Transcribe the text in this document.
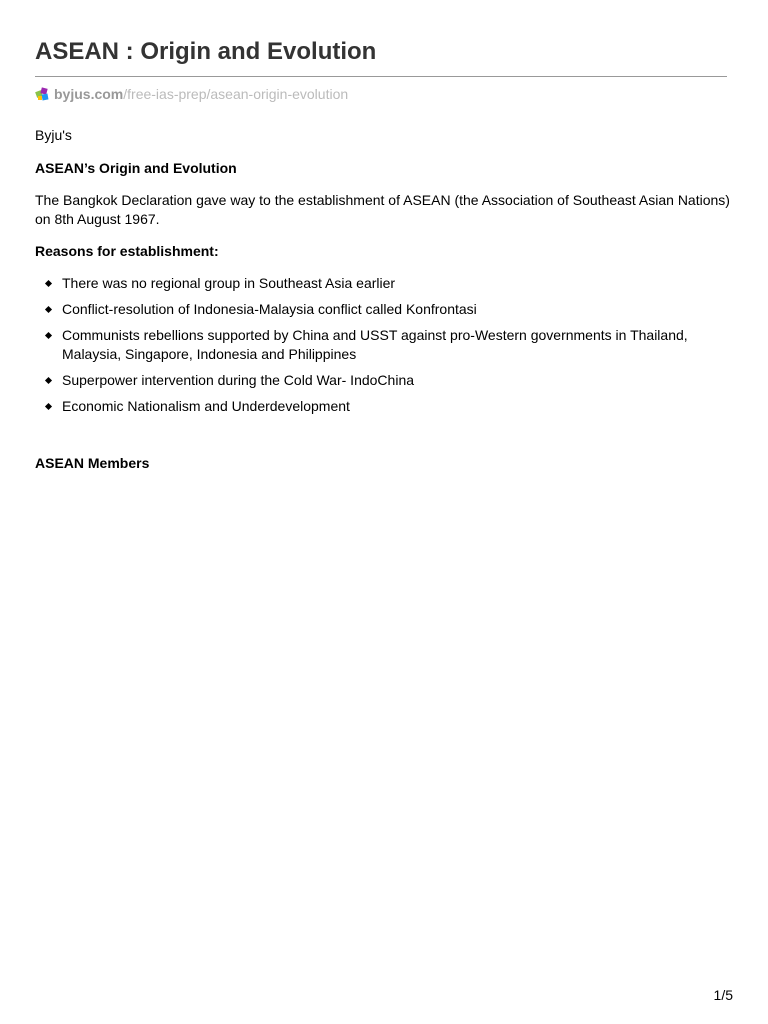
ASEAN : Origin and Evolution
byjus.com /free-ias-prep/asean-origin-evolution

Byju's

ASEAN’s Origin and Evolution

The Bangkok Declaration gave way to the establishment of ASEAN (the Association of Southeast Asian Nations) on 8th August 1967.

Reasons for establishment:

There was no regional group in Southeast Asia earlier
Conflict-resolution of Indonesia-Malaysia conflict called Konfrontasi
Communists rebellions supported by China and USST against pro-Western governments in Thailand, Malaysia, Singapore, Indonesia and Philippines
Superpower intervention during the Cold War- IndoChina
Economic Nationalism and Underdevelopment

ASEAN Members

1/5
